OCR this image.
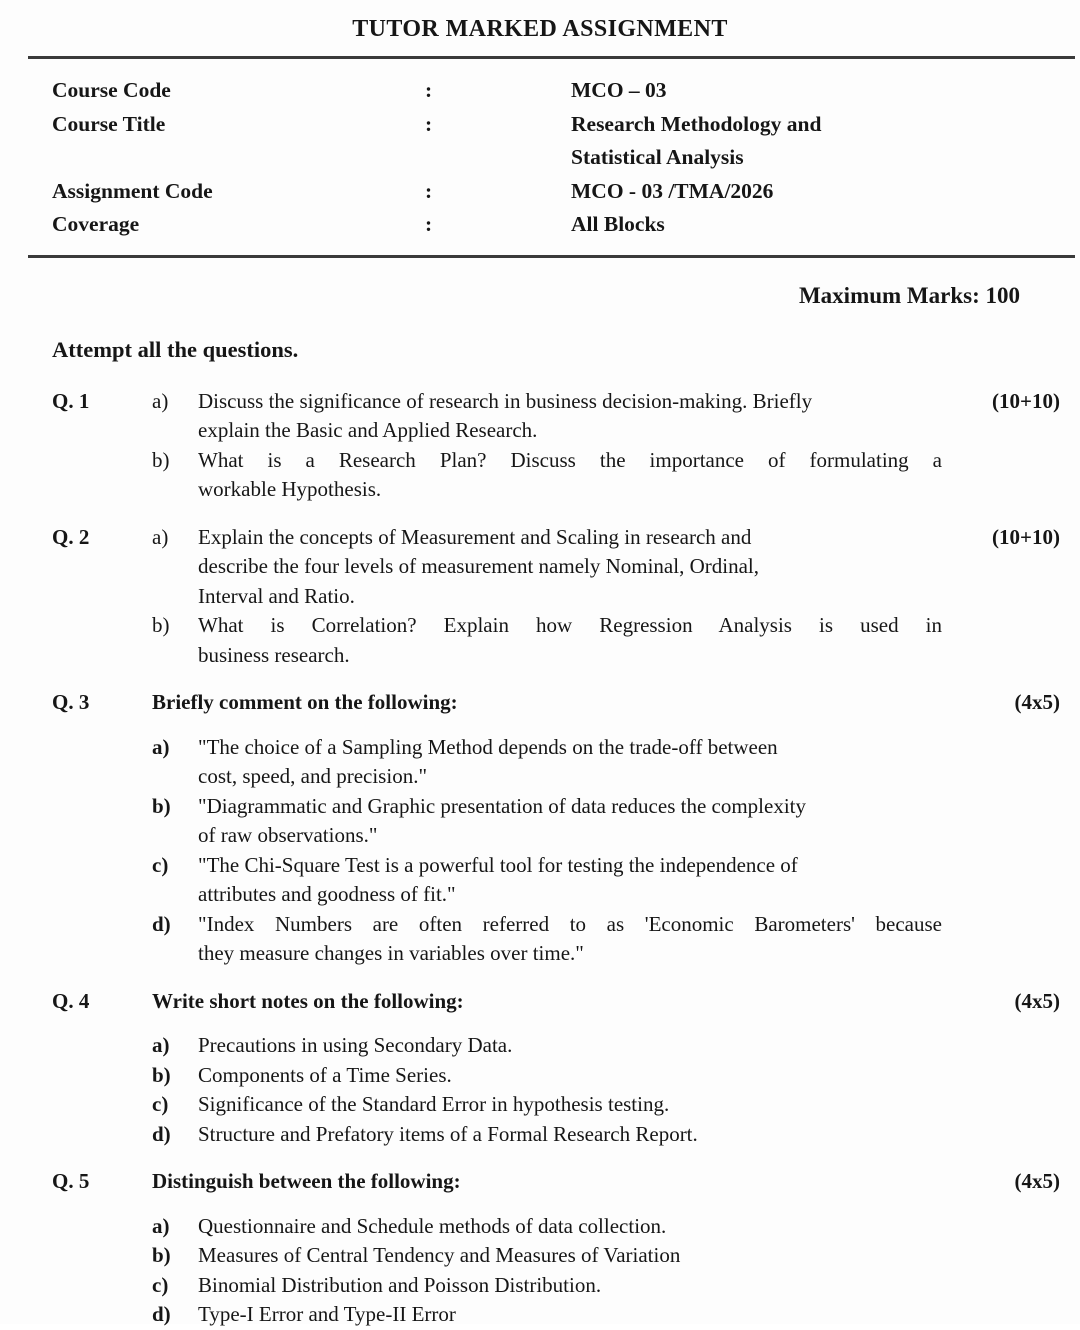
TUTOR MARKED ASSIGNMENT
Course Code	:	MCO – 03
Course Title	:	Research Methodology and
Statistical Analysis
Assignment Code	:	MCO - 03 /TMA/2026
Coverage	:	All Blocks
Maximum Marks: 100
Attempt all the questions.
Q. 1	a)	Discuss the significance of research in business decision-making. Briefly
explain the Basic and Applied Research.
b)	What is a Research Plan? Discuss the importance of formulating a
workable Hypothesis.
(10+10)
Q. 2	a)	Explain the concepts of Measurement and Scaling in research and
describe the four levels of measurement namely Nominal, Ordinal,
Interval and Ratio.
b)	What is Correlation? Explain how Regression Analysis is used in
business research.
(10+10)
Q. 3	Briefly comment on the following:
a)	"The choice of a Sampling Method depends on the trade-off between
cost, speed, and precision."
b)	"Diagrammatic and Graphic presentation of data reduces the complexity
of raw observations."
c)	"The Chi-Square Test is a powerful tool for testing the independence of
attributes and goodness of fit."
d)	"Index Numbers are often referred to as 'Economic Barometers' because
they measure changes in variables over time."
(4x5)
Q. 4	Write short notes on the following:
a)	Precautions in using Secondary Data.
b)	Components of a Time Series.
c)	Significance of the Standard Error in hypothesis testing.
d)	Structure and Prefatory items of a Formal Research Report.
(4x5)
Q. 5	Distinguish between the following:
a)	Questionnaire and Schedule methods of data collection.
b)	Measures of Central Tendency and Measures of Variation
c)	Binomial Distribution and Poisson Distribution.
d)	Type-I Error and Type-II Error
(4x5)
